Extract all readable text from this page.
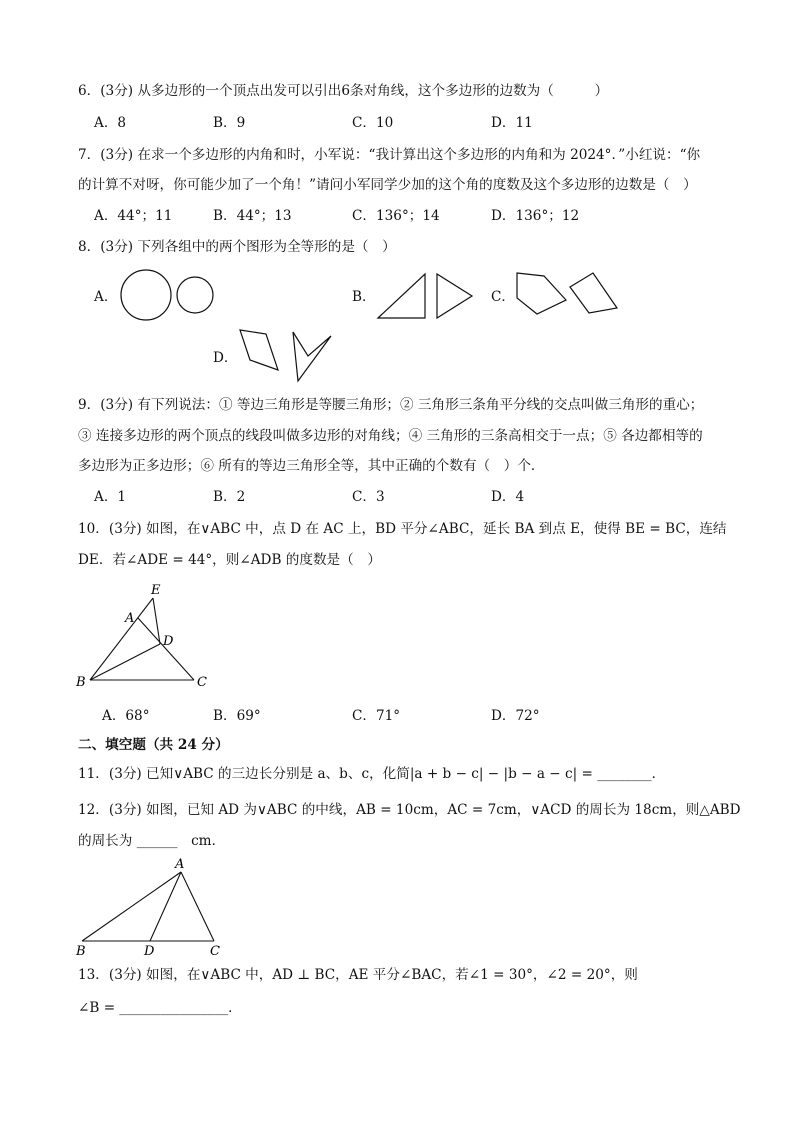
6．(3分) 从多边形的一个顶点出发可以引出6条对角线，这个多边形的边数为（　　　）
A．8	B．9	C．10	D．11
7．(3分) 在求一个多边形的内角和时，小军说：“我计算出这个多边形的内角和为 2024°．”小红说：“你
的计算不对呀，你可能少加了一个角！”请问小军同学少加的这个角的度数及这个多边形的边数是（　）
A．44°；11	B．44°；13	C．136°；14	D．136°；12
8．(3分) 下列各组中的两个图形为全等形的是（　）
A．	B．	C．
D．
9．(3分) 有下列说法：① 等边三角形是等腰三角形；② 三角形三条角平分线的交点叫做三角形的重心；
③ 连接多边形的两个顶点的线段叫做多边形的对角线；④ 三角形的三条高相交于一点；⑤ 各边都相等的
多边形为正多边形；⑥ 所有的等边三角形全等，其中正确的个数有（　）个．
A．1	B．2	C．3	D．4
10．(3分) 如图，在∨ABC 中，点 D 在 AC 上，BD 平分∠ABC，延长 BA 到点 E，使得 BE = BC，连结
DE．若∠ADE = 44°，则∠ADB 的度数是（　）
E
A
D
B	C
A．68°	B．69°	C．71°	D．72°
二、填空题（共 24 分）
11．(3分) 已知∨ABC 的三边长分别是 a、b、c，化简|a + b − c| − |b − a − c| = ________．
12．(3分) 如图，已知 AD 为∨ABC 的中线，AB = 10cm，AC = 7cm，∨ACD 的周长为 18cm，则△ABD
的周长为 ______　cm．
A
B	D	C
13．(3分) 如图，在∨ABC 中，AD ⊥ BC，AE 平分∠BAC，若∠1 = 30°，∠2 = 20°，则
∠B = ________________．
